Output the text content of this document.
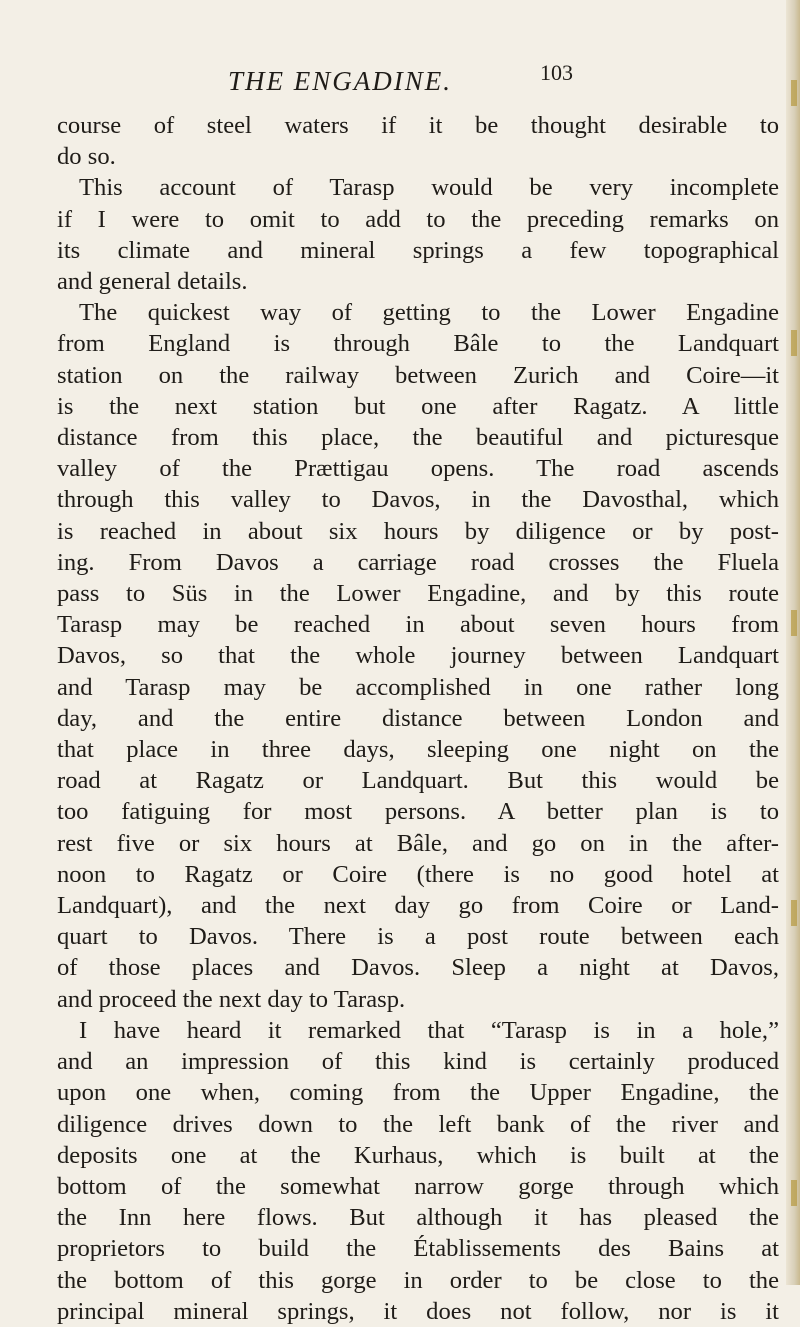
THE ENGADINE.	103
course of steel waters if it be thought desirable to
do so.
This account of Tarasp would be very incomplete
if I were to omit to add to the preceding remarks on
its climate and mineral springs a few topographical
and general details.
The quickest way of getting to the Lower Engadine
from England is through Bâle to the Landquart
station on the railway between Zurich and Coire—it
is the next station but one after Ragatz. A little
distance from this place, the beautiful and picturesque
valley of the Prættigau opens. The road ascends
through this valley to Davos, in the Davosthal, which
is reached in about six hours by diligence or by post-
ing. From Davos a carriage road crosses the Fluela
pass to Süs in the Lower Engadine, and by this route
Tarasp may be reached in about seven hours from
Davos, so that the whole journey between Landquart
and Tarasp may be accomplished in one rather long
day, and the entire distance between London and
that place in three days, sleeping one night on the
road at Ragatz or Landquart. But this would be
too fatiguing for most persons. A better plan is to
rest five or six hours at Bâle, and go on in the after-
noon to Ragatz or Coire (there is no good hotel at
Landquart), and the next day go from Coire or Land-
quart to Davos. There is a post route between each
of those places and Davos. Sleep a night at Davos,
and proceed the next day to Tarasp.
I have heard it remarked that “Tarasp is in a hole,”
and an impression of this kind is certainly produced
upon one when, coming from the Upper Engadine, the
diligence drives down to the left bank of the river and
deposits one at the Kurhaus, which is built at the
bottom of the somewhat narrow gorge through which
the Inn here flows. But although it has pleased the
proprietors to build the Établissements des Bains at
the bottom of this gorge in order to be close to the
principal mineral springs, it does not follow, nor is it
